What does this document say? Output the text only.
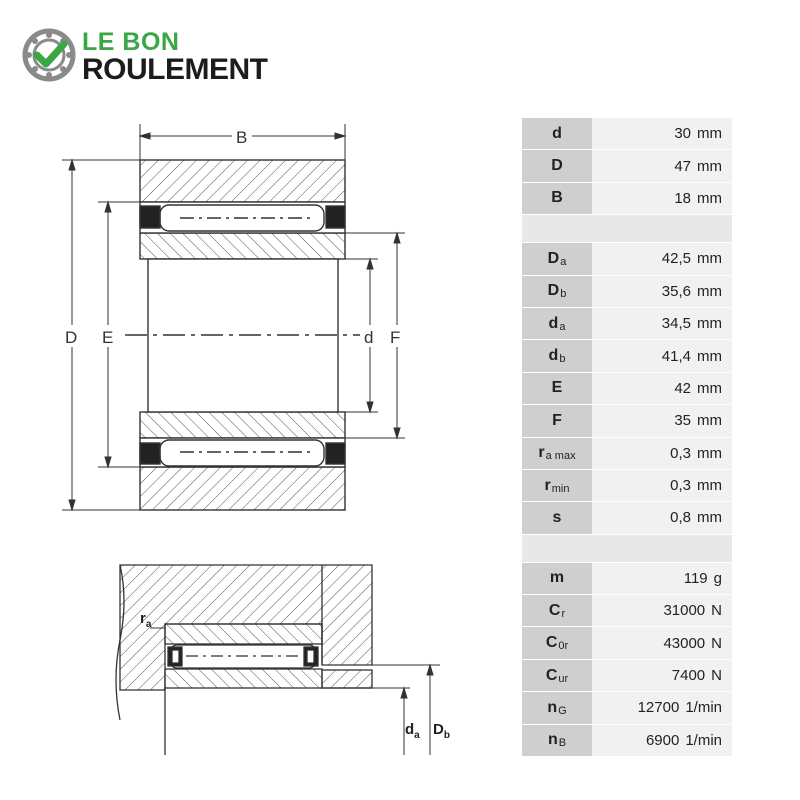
LE BON
ROULEMENT
B
D E	d F
$r_a$
$d_a$ $D_b$
d	30 mm
D	47 mm
B	18 mm
$D_a$	42,5 mm
$D_b$	35,6 mm
$d_a$	34,5 mm
$d_b$	41,4 mm
E	42 mm
F	35 mm
$r_{a max}$	0,3 mm
$r_{min}$	0,3 mm
s	0,8 mm
m	119 g
$C_r$	31000 N
$C_{0r}$	43000 N
$C_{ur}$	7400 N
$n_G$	12700 1/min
$n_B$	6900 1/min
